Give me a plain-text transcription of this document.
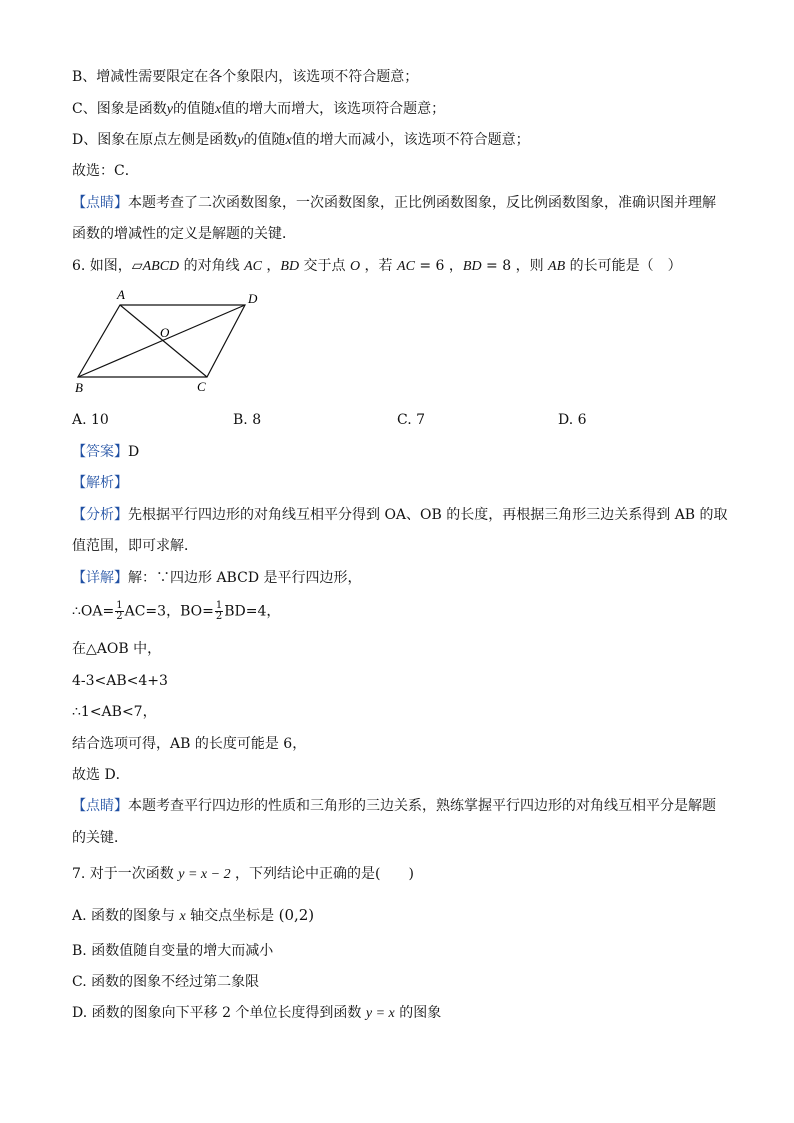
B、增减性需要限定在各个象限内，该选项不符合题意；
C、图象是函数y的值随x值的增大而增大，该选项符合题意；
D、图象在原点左侧是函数y的值随x值的增大而减小，该选项不符合题意；
故选：C．
【点睛】本题考查了二次函数图象，一次函数图象，正比例函数图象，反比例函数图象，准确识图并理解
函数的增减性的定义是解题的关键．
6. 如图，▱ABCD 的对角线 AC ，BD 交于点 O ，若 AC = 6 ，BD = 8 ，则 AB 的长可能是（　）
A	D
B	C
O
A. 10	B. 8	C. 7	D. 6
【答案】D
【解析】
【分析】先根据平行四边形的对角线互相平分得到 OA、OB 的长度，再根据三角形三边关系得到 AB 的取
值范围，即可求解．
【详解】解：∵四边形 ABCD 是平行四边形，
∴OA= $\frac{1}{2} AC=3$，$BO= \frac{1}{2} BD=4$，
在△AOB 中，
4-3<AB<4+3
∴1<AB<7，
结合选项可得，AB 的长度可能是 6，
故选 D．
【点睛】本题考查平行四边形的性质和三角形的三边关系，熟练掌握平行四边形的对角线互相平分是解题
的关键．
7. 对于一次函数 y = x − 2 ，下列结论中正确的是(　　)
A. 函数的图象与 x 轴交点坐标是 (0,2)
B. 函数值随自变量的增大而减小
C. 函数的图象不经过第二象限
D. 函数的图象向下平移 2 个单位长度得到函数 y = x 的图象
